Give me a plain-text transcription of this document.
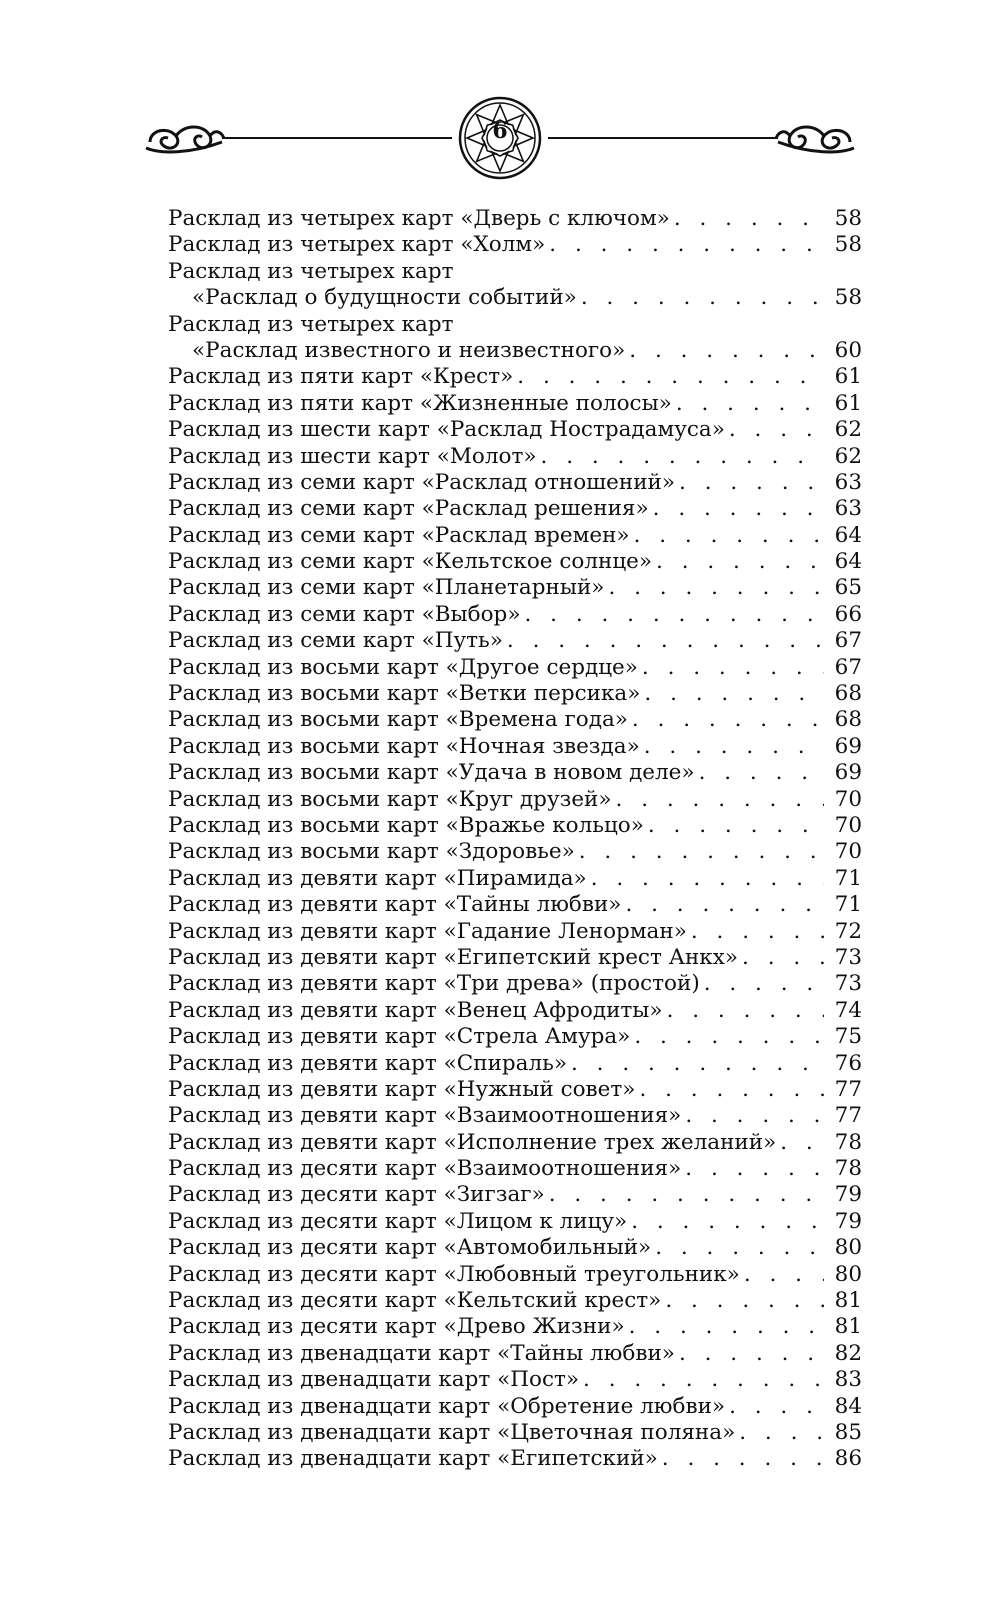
6
Расклад из четырех карт «Дверь с ключом» . . .	58
Расклад из четырех карт «Холм» . . .	58
Расклад из четырех карт
«Расклад о будущности событий» . . .	58
Расклад из четырех карт
«Расклад известного и неизвестного» . . .	60
Расклад из пяти карт «Крест» . . .	61
Расклад из пяти карт «Жизненные полосы» . . .	61
Расклад из шести карт «Расклад Нострадамуса» . . .	62
Расклад из шести карт «Молот» . . .	62
Расклад из семи карт «Расклад отношений» . . .	63
Расклад из семи карт «Расклад решения» . . .	63
Расклад из семи карт «Расклад времен» . . .	64
Расклад из семи карт «Кельтское солнце» . . .	64
Расклад из семи карт «Планетарный» . . .	65
Расклад из семи карт «Выбор» . . .	66
Расклад из семи карт «Путь» . . .	67
Расклад из восьми карт «Другое сердце» . . .	67
Расклад из восьми карт «Ветки персика» . . .	68
Расклад из восьми карт «Времена года» . . .	68
Расклад из восьми карт «Ночная звезда» . . .	69
Расклад из восьми карт «Удача в новом деле» . . .	69
Расклад из восьми карт «Круг друзей» . . .	70
Расклад из восьми карт «Вражье кольцо» . . .	70
Расклад из восьми карт «Здоровье» . . .	70
Расклад из девяти карт «Пирамида» . . .	71
Расклад из девяти карт «Тайны любви» . . .	71
Расклад из девяти карт «Гадание Ленорман» . . .	72
Расклад из девяти карт «Египетский крест Анкх» . . .	73
Расклад из девяти карт «Три древа» (простой) . . .	73
Расклад из девяти карт «Венец Афродиты» . . .	74
Расклад из девяти карт «Стрела Амура» . . .	75
Расклад из девяти карт «Спираль» . . .	76
Расклад из девяти карт «Нужный совет» . . .	77
Расклад из девяти карт «Взаимоотношения» . . .	77
Расклад из девяти карт «Исполнение трех желаний» . . .	78
Расклад из десяти карт «Взаимоотношения» . . .	78
Расклад из десяти карт «Зигзаг» . . .	79
Расклад из десяти карт «Лицом к лицу» . . .	79
Расклад из десяти карт «Автомобильный» . . .	80
Расклад из десяти карт «Любовный треугольник» . . .	80
Расклад из десяти карт «Кельтский крест» . . .	81
Расклад из десяти карт «Древо Жизни» . . .	81
Расклад из двенадцати карт «Тайны любви» . . .	82
Расклад из двенадцати карт «Пост» . . .	83
Расклад из двенадцати карт «Обретение любви» . . .	84
Расклад из двенадцати карт «Цветочная поляна» . . .	85
Расклад из двенадцати карт «Египетский» . . .	86
